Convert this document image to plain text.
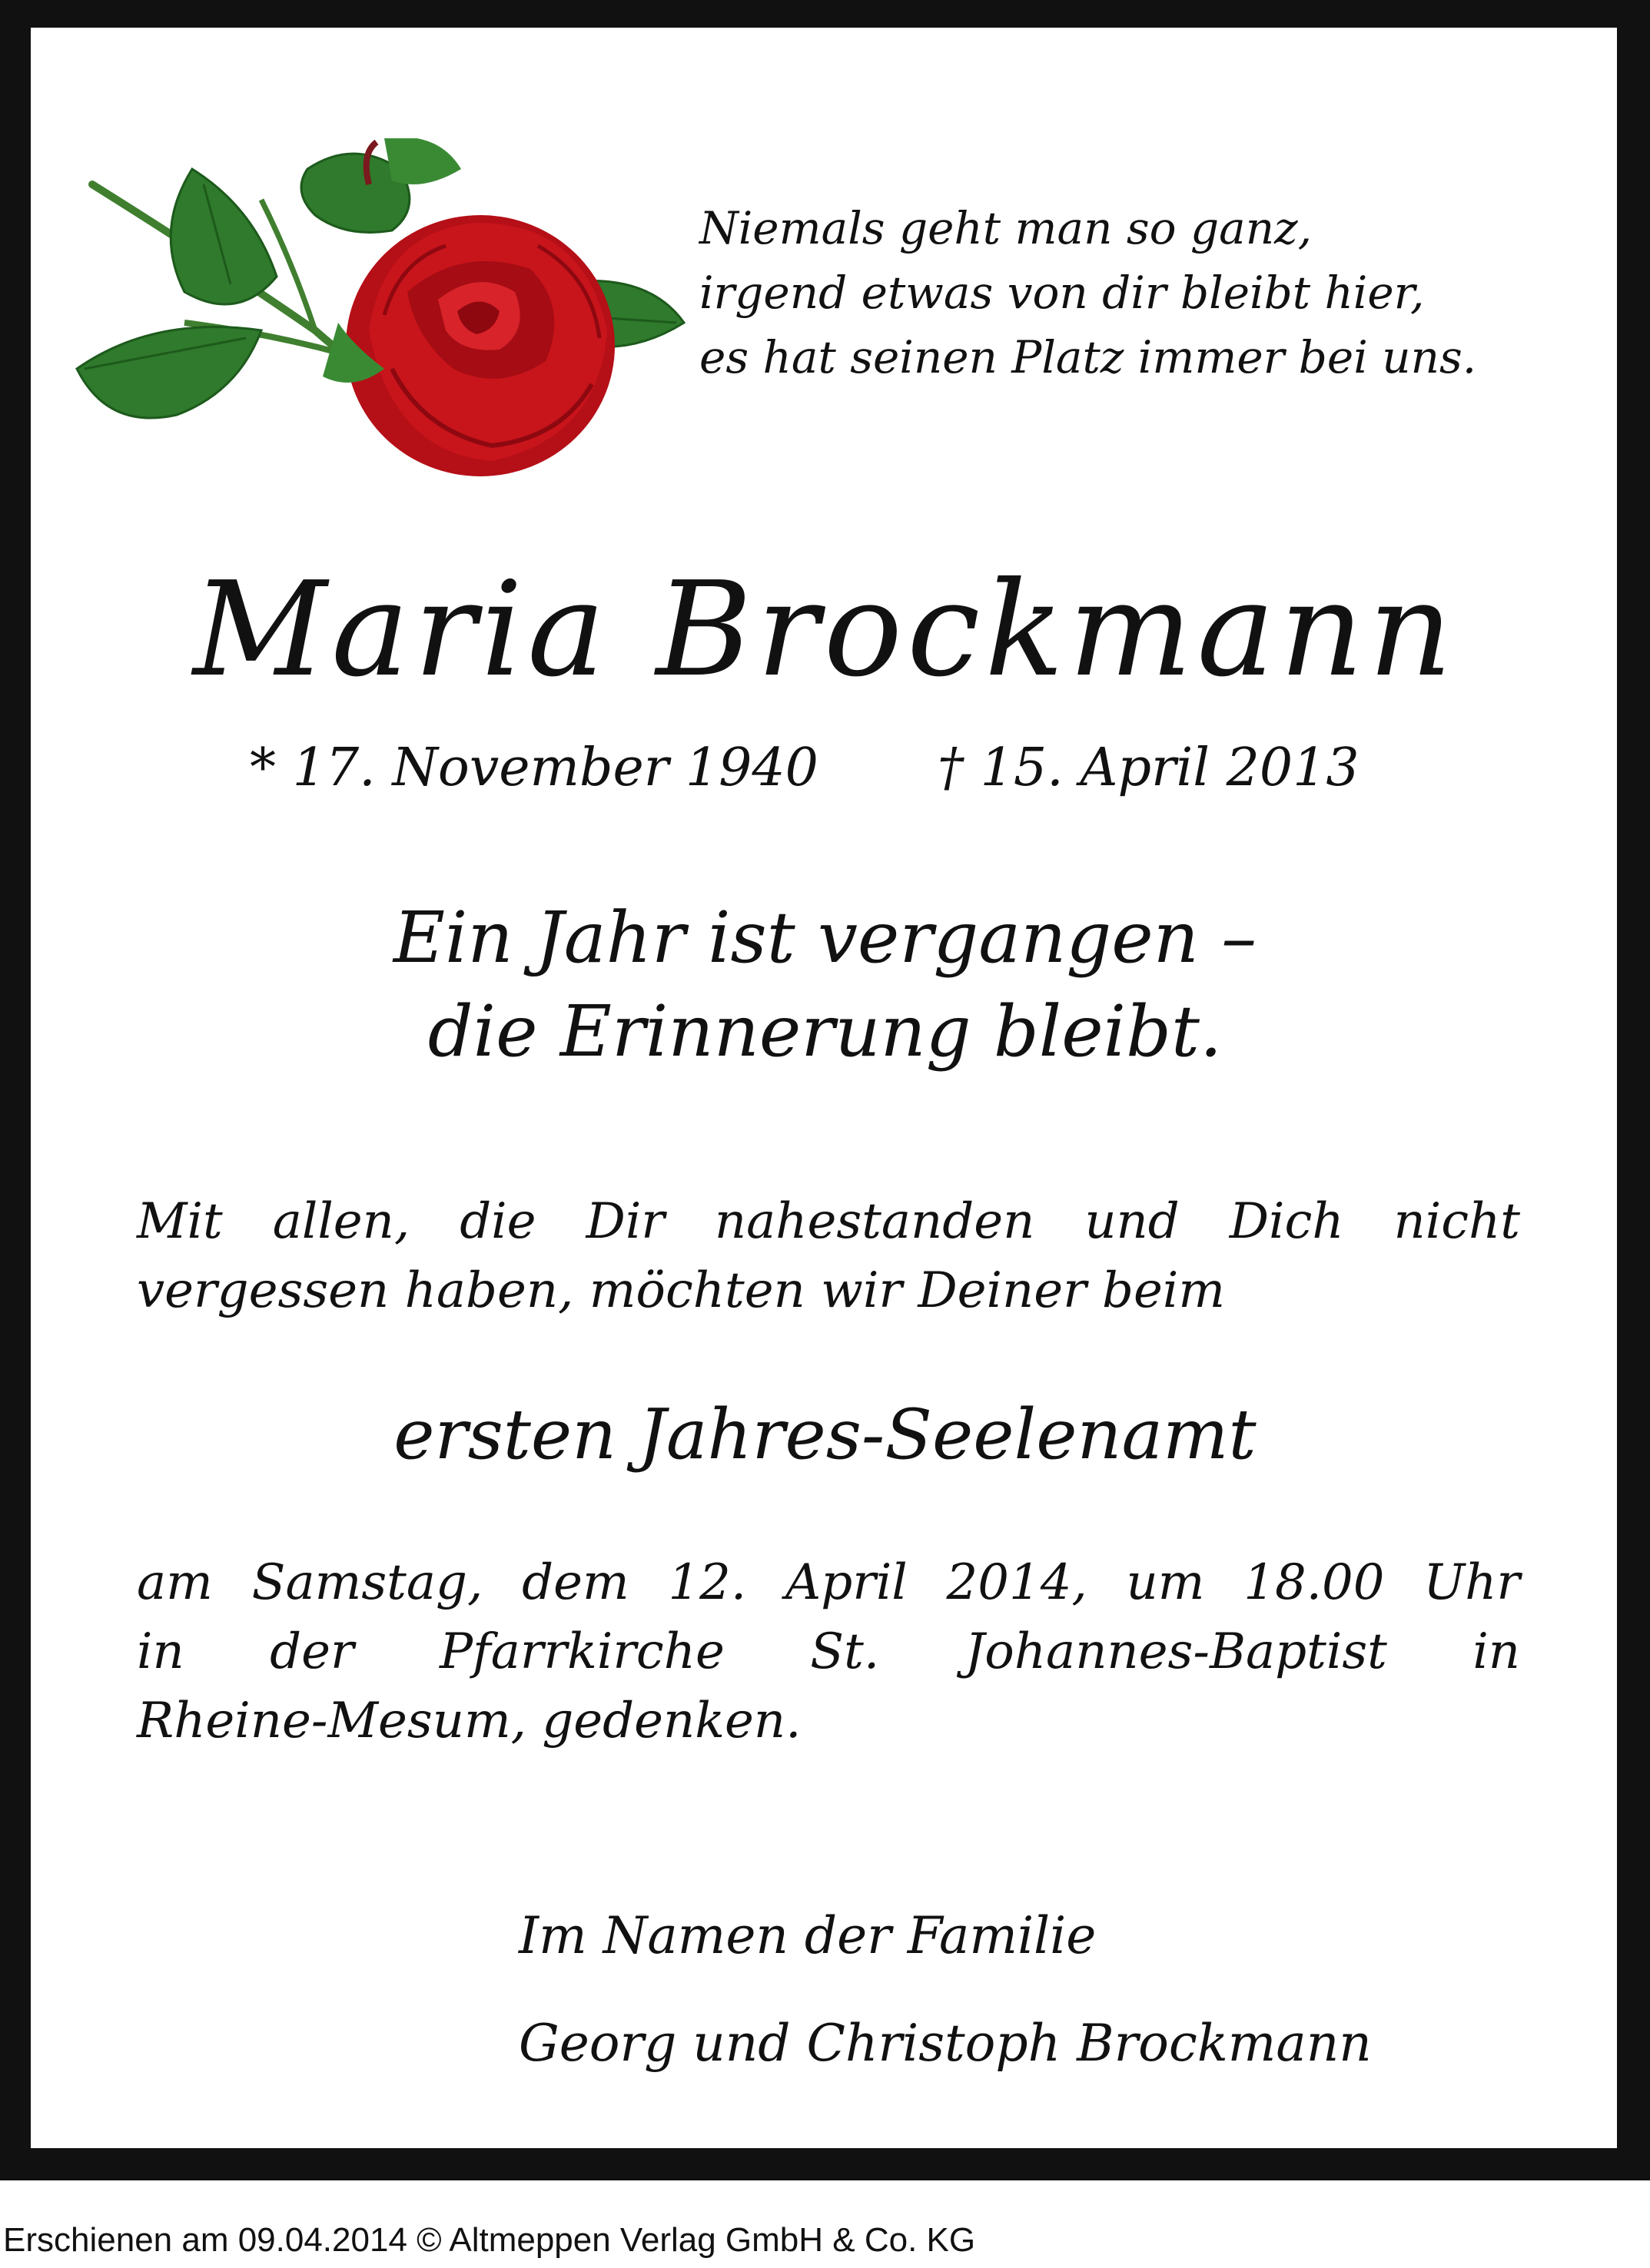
Niemals geht man so ganz,
irgend etwas von dir bleibt hier,
es hat seinen Platz immer bei uns.
Maria Brockmann
* 17. November 1940 † 15. April 2013
Ein Jahr ist vergangen –
die Erinnerung bleibt.
Mit allen, die Dir nahestanden und Dich nicht
vergessen haben, möchten wir Deiner beim
ersten Jahres-Seelenamt
am Samstag, dem 12. April 2014, um 18.00 Uhr
in der Pfarrkirche St. Johannes-Baptist in
Rheine-Mesum, gedenken.
Im Namen der Familie
Georg und Christoph Brockmann
Erschienen am 09.04.2014 © Altmeppen Verlag GmbH & Co. KG
